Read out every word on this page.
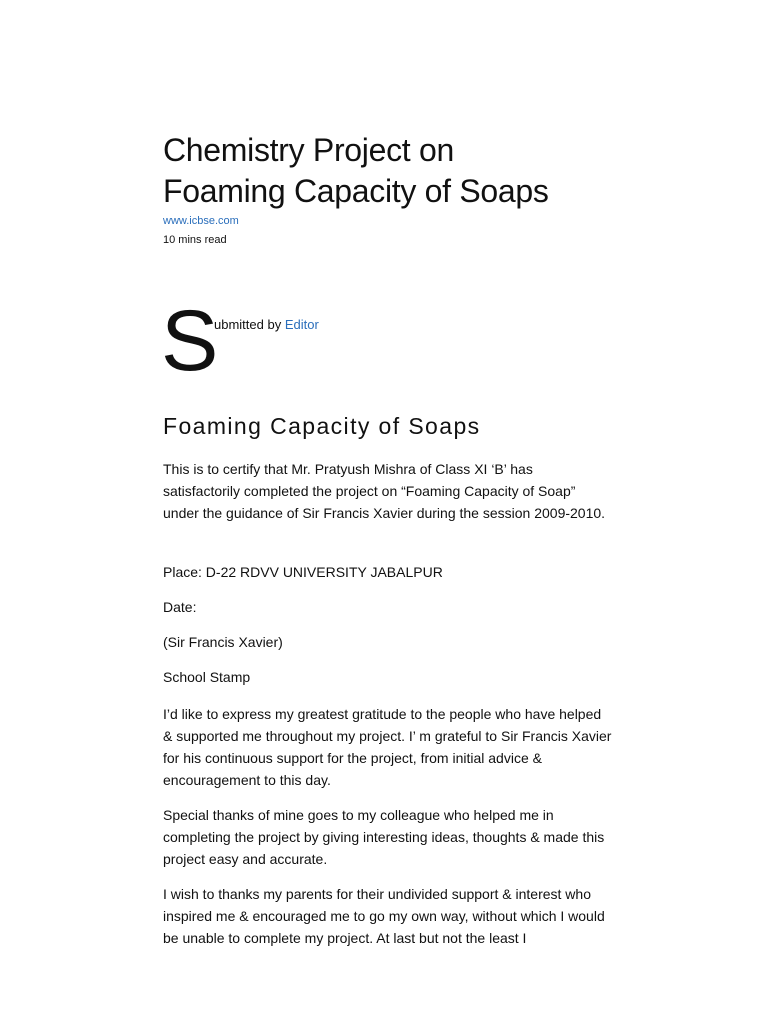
Chemistry Project on
Foaming Capacity of Soaps
www.icbse.com
10 mins read
S
ubmitted by Editor
Foaming Capacity of Soaps

This is to certify that Mr. Pratyush Mishra of Class XI ‘B’ has satisfactorily completed the project on “Foaming Capacity of Soap” under the guidance of Sir Francis Xavier during the session 2009-2010.

Place: D-22 RDVV UNIVERSITY JABALPUR

Date:

(Sir Francis Xavier)

School Stamp

I’d like to express my greatest gratitude to the people who have helped & supported me throughout my project. I’ m grateful to Sir Francis Xavier for his continuous support for the project, from initial advice & encouragement to this day.

Special thanks of mine goes to my colleague who helped me in completing the project by giving interesting ideas, thoughts & made this project easy and accurate.

I wish to thanks my parents for their undivided support & interest who inspired me & encouraged me to go my own way, without which I would be unable to complete my project. At last but not the least I
